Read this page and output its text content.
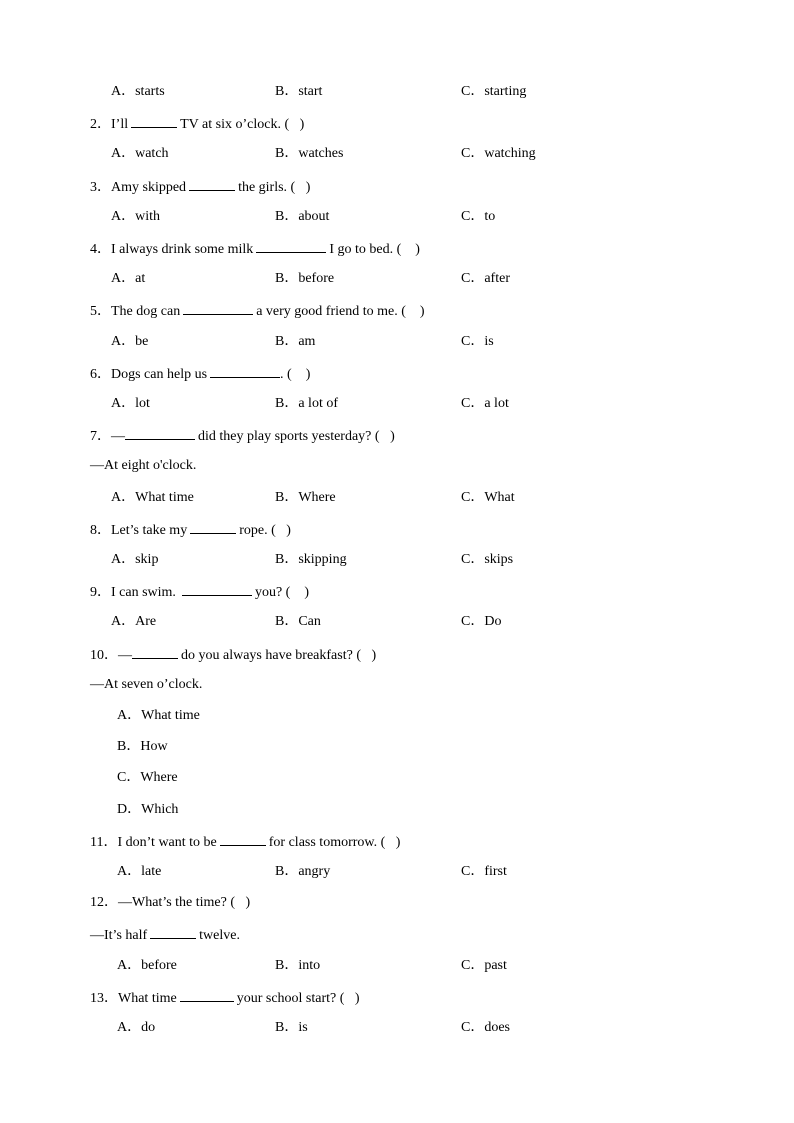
A．starts	B．start	C．starting
2．I’ll	TV at six o’clock. (   )
A．watch	B．watches	C．watching
3．Amy skipped	the girls. (   )
A．with	B．about	C．to
4．I always drink some milk	I go to bed. (    )
A．at	B．before	C．after
5．The dog can	a very good friend to me. (    )
A．be	B．am	C．is
6．Dogs can help us	. (    )
A．lot	B．a lot of	C．a lot
7．—	did they play sports yesterday? (   )
—At eight o'clock.
A．What time	B．Where	C．What
8．Let’s take my	rope. (   )
A．skip	B．skipping	C．skips
9．I can swim.	you? (    )
A．Are	B．Can	C．Do
10．—	do you always have breakfast? (   )
—At seven o’clock.
A．What time
B．How
C．Where
D．Which
11．I don’t want to be	for class tomorrow. (   )
A．late	B．angry	C．first
12．—What’s the time? (   )
—It’s half	twelve.
A．before	B．into	C．past
13．What time	your school start? (   )
A．do	B．is	C．does
